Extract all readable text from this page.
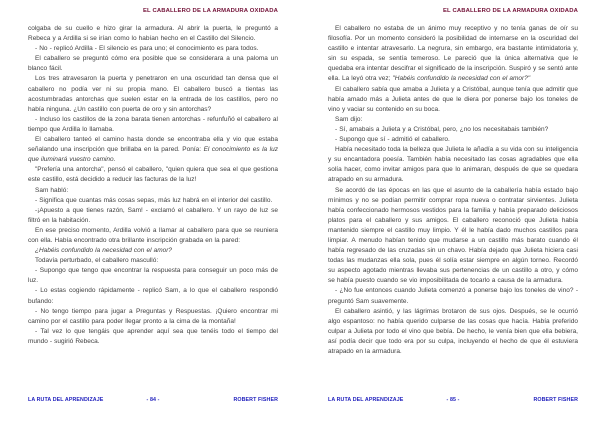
EL CABALLERO DE LA ARMADURA OXIDADA

colgaba de su cuello e hizo girar la armadura. Al abrir la puerta, le preguntó a Rebeca y a Ardilla si se irían como lo habían hecho en el Castillo del Silencio.

- No - replicó Ardilla - El silencio es para uno; el conocimiento es para todos.

El caballero se preguntó cómo era posible que se considerara a una paloma un blanco fácil.

Los tres atravesaron la puerta y penetraron en una oscuridad tan densa que el caballero no podía ver ni su propia mano. El caballero buscó a tientas las acostumbradas antorchas que suelen estar en la entrada de los castillos, pero no había ninguna. ¿Un castillo con puerta de oro y sin antorchas?

- Incluso los castillos de la zona barata tienen antorchas - refunfuñó el caballero al tiempo que Ardilla lo llamaba.

El caballero tanteó el camino hasta donde se encontraba ella y vio que estaba señalando una inscripción que brillaba en la pared. Ponía: El conocimiento es la luz que iluminará vuestro camino.

"Prefería una antorcha", pensó el caballero, "quien quiera que sea el que gestiona este castillo, está decidido a reducir las facturas de la luz!

Sam habló:

- Significa que cuantas más cosas sepas, más luz habrá en el interior del castillo.

-¡Apuesto a que tienes razón, Sam! - exclamó el caballero. Y un rayo de luz se filtró en la habitación.

En ese preciso momento, Ardilla volvió a llamar al caballero para que se reuniera con ella. Había encontrado otra brillante inscripción grabada en la pared:

¿Habéis confundido la necesidad con el amor?

Todavía perturbado, el caballero masculló:

- Supongo que tengo que encontrar la respuesta para conseguir un poco más de luz.

- Lo estas cogiendo rápidamente - replicó Sam, a lo que el caballero respondió bufando:

- No tengo tiempo para jugar a Preguntas y Respuestas. ¡Quiero encontrar mi camino por el castillo para poder llegar pronto a la cima de la montaña!

- Tal vez lo que tengáis que aprender aquí sea que tenéis todo el tiempo del mundo - sugirió Rebeca.

LA RUTA DEL APRENDIZAJE	- 84 -	ROBERT FISHER
EL CABALLERO DE LA ARMADURA OXIDADA

El caballero no estaba de un ánimo muy receptivo y no tenía ganas de oír su filosofía. Por un momento consideró la posibilidad de internarse en la oscuridad del castillo e intentar atravesarlo. La negrura, sin embargo, era bastante intimidatoria y, sin su espada, se sentía temeroso. Le pareció que la única alternativa que le quedaba era intentar descifrar el significado de la inscripción. Suspiró y se sentó ante ella. La leyó otra vez; "Habéis confundido la necesidad con el amor?"

El caballero sabía que amaba a Julieta y a Cristóbal, aunque tenía que admitir que había amado más a Julieta antes de que le diera por ponerse bajo los toneles de vino y vaciar su contenido en su boca.

Sam dijo:

- Sí, amabais a Julieta y a Cristóbal, pero, ¿no los necesitabais también?

- Supongo que sí - admitió el caballero.

Había necesitado toda la belleza que Julieta le añadía a su vida con su inteligencia y su encantadora poesía. También había necesitado las cosas agradables que ella solía hacer, como invitar amigos para que lo animaran, después de que se quedara atrapado en su armadura.

Se acordó de las épocas en las que el asunto de la caballería había estado bajo mínimos y no se podían permitir comprar ropa nueva o contratar sirvientes. Julieta había confeccionado hermosos vestidos para la familia y había preparado deliciosos platos para el caballero y sus amigos. El caballero reconoció que Julieta había mantenido siempre el castillo muy limpio. Y él le había dado muchos castillos para limpiar. A menudo habían tenido que mudarse a un castillo más barato cuando él había regresado de las cruzadas sin un chavo. Había dejado que Julieta hiciera casi todas las mudanzas ella sola, pues él solía estar siempre en algún torneo. Recordó su aspecto agotado mientras llevaba sus pertenencias de un castillo a otro, y cómo se había puesto cuando se vio imposibilitada de tocarlo a causa de la armadura.

- ¿No fue entonces cuando Julieta comenzó a ponerse bajo los toneles de vino? - preguntó Sam suavemente.

El caballero asintió, y las lágrimas brotaron de sus ojos. Después, se le ocurrió algo espantoso: no había querido culparse de las cosas que hacía. Había preferido culpar a Julieta por todo el vino que bebía. De hecho, le venía bien que ella bebiera, así podía decir que todo era por su culpa, incluyendo el hecho de que él estuviera atrapado en la armadura.

LA RUTA DEL APRENDIZAJE	- 85 -	ROBERT FISHER
